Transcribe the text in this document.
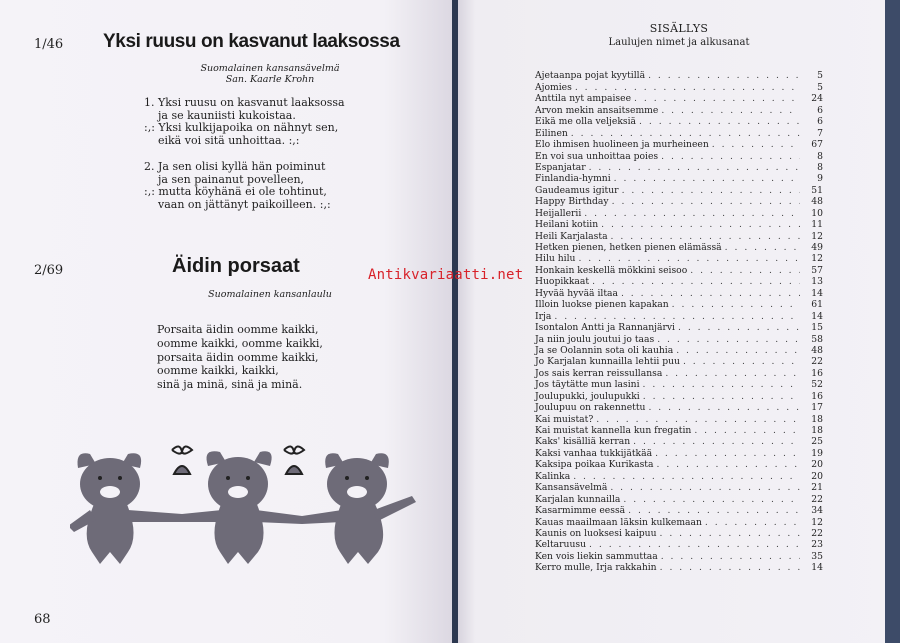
1/46 Yksi ruusu on kasvanut laaksossa
Suomalainen kansansävelmä
San. Kaarle Krohn
1. Yksi ruusu on kasvanut laaksossa
ja se kauniisti kukoistaa.
:,: Yksi kulkijapoika on nähnyt sen,
eikä voi sitä unhoittaa. :,:
2. Ja sen olisi kyllä hän poiminut
ja sen painanut povelleen,
:,: mutta köyhänä ei ole tohtinut,
vaan on jättänyt paikoilleen. :,:
2/69	Äidin porsaat
Suomalainen kansanlaulu
Porsaita äidin oomme kaikki,
oomme kaikki, oomme kaikki,
porsaita äidin oomme kaikki,
oomme kaikki, kaikki,
sinä ja minä, sinä ja minä.
68
Antikvariaatti.net
SISÄLLYS
Laulujen nimet ja alkusanat
Ajetaanpa pojat kyytillä . . .	5
Ajomies . . .	5
Anttila nyt ampaisee . . .	24
Arvon mekin ansaitsemme . . .	6
Eikä me olla veljeksiä . . .	6
Eilinen . . .	7
Elo ihmisen huolineen ja murheineen . . .	67
En voi sua unhoittaa poies . . .	8
Espanjatar . . .	8
Finlandia-hymni . . .	9
Gaudeamus igitur . . .	51
Happy Birthday . . .	48
Heijallerii . . .	10
Heilani kotiin . . .	11
Heili Karjalasta . . .	12
Hetken pienen, hetken pienen elämässä . . .	49
Hilu hilu . . .	12
Honkain keskellä mökkini seisoo . . .	57
Huopikkaat . . .	13
Hyvää hyvää iltaa . . .	14
Illoin luokse pienen kapakan . . .	61
Irja . . .	14
Isontalon Antti ja Rannanjärvi . . .	15
Ja niin joulu joutui jo taas . . .	58
Ja se Oolannin sota oli kauhia . . .	48
Jo Karjalan kunnailla lehtii puu . . .	22
Jos sais kerran reissullansa . . .	16
Jos täytätte mun lasini . . .	52
Joulupukki, joulupukki . . .	16
Joulupuu on rakennettu . . .	17
Kai muistat? . . .	18
Kai muistat kannella kun fregatin . . .	18
Kaks' kisälliä kerran . . .	25
Kaksi vanhaa tukkijätkää . . .	19
Kaksipa poikaa Kurikasta . . .	20
Kalinka . . .	20
Kansansävelmä . . .	21
Karjalan kunnailla . . .	22
Kasarmimme eessä . . .	34
Kauas maailmaan läksin kulkemaan . . .	12
Kaunis on luoksesi kaipuu . . .	22
Keltaruusu . . .	23
Ken vois liekin sammuttaa . . .	35
Kerro mulle, Irja rakkahin . . .	14
